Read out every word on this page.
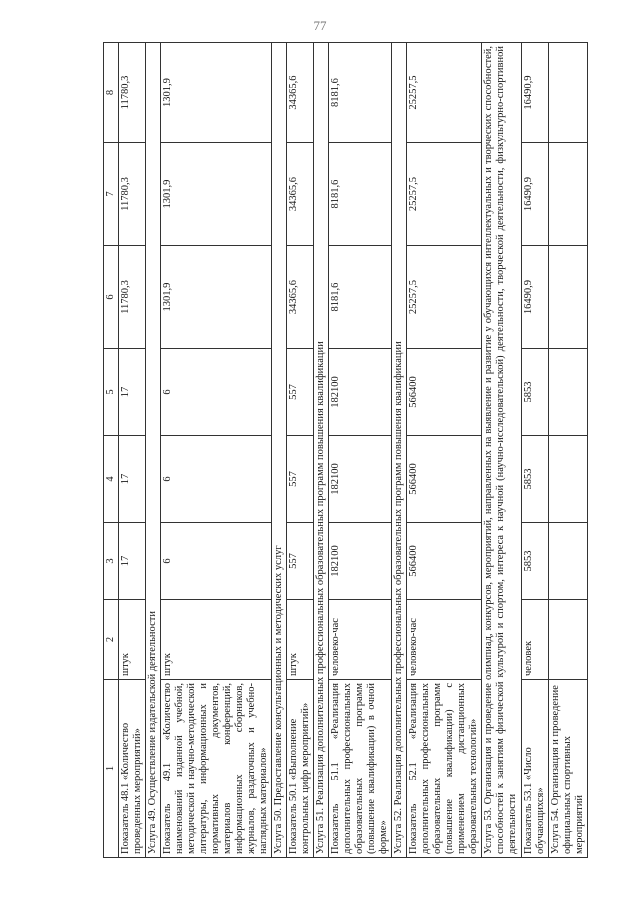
77
1	2	3	4	5	6	7	8
Показатель 48.1 «Количество проведенных мероприятий»	штук	17	17	17	11780,3	11780,3	11780,3
Услуга 49. Осуществление издательской деятельности							
Показатель 49.1 «Количество наименований изданной учебной, методической и научно-методической литературы, информационных и нормативных документов, материалов конференций, информационных сборников, журналов, раздаточных и учебно-наглядных материалов»	штук	6	6	6	1301,9	1301,9	1301,9
Услуга 50. Предоставление консультационных и методических услуг							
Показатель 50.1 «Выполнение контрольных цифр мероприятий»	штук	557	557	557	34365,6	34365,6	34365,6
Услуга 51. Реализация дополнительных профессиональных образовательных программ повышения квалификации							
Показатель 51.1 «Реализация дополнительных профессиональных образовательных программ (повышение квалификации) в очной форме»	человеко-час	182100	182100	182100	8181,6	8181,6	8181,6
Услуга 52. Реализация дополнительных профессиональных образовательных программ повышения квалификации							
Показатель 52.1 «Реализация дополнительных профессиональных образовательных программ (повышение квалификации) с применением дистанционных образовательных технологий»	человеко-час	566400	566400	566400	25257,5	25257,5	25257,5
Услуга 53. Организация и проведение олимпиад, конкурсов, мероприятий, направленных на выявление и развитие у обучающихся интеллектуальных и творческих способностей, способностей к занятиям физической культурой и спортом, интереса к научной (научно-исследовательской) деятельности, творческой деятельности, физкультурно-спортивной деятельности							
Показатель 53.1 «Число обучающихся»	человек	5853	5853	5853	16490,9	16490,9	16490,9
Услуга 54. Организация и проведение официальных спортивных мероприятий							
